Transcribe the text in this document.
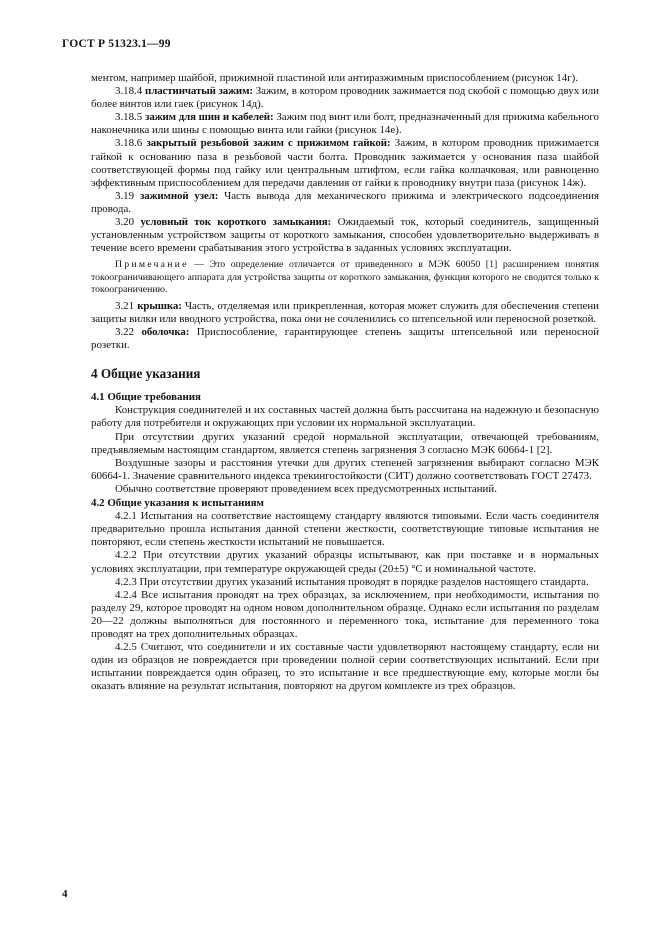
ГОСТ Р 51323.1—99

ментом, например шайбой, прижимной пластиной или антиразжимным приспособлением (рисунок 14г).

3.18.4 пластинчатый зажим: Зажим, в котором проводник зажимается под скобой с помощью двух или более винтов или гаек (рисунок 14д).

3.18.5 зажим для шин и кабелей: Зажим под винт или болт, предназначенный для прижима кабельного наконечника или шины с помощью винта или гайки (рисунок 14е).

3.18.6 закрытый резьбовой зажим с прижимом гайкой: Зажим, в котором проводник прижимается гайкой к основанию паза в резьбовой части болта. Проводник зажимается у основания паза шайбой соответствующей формы под гайку или центральным штифтом, если гайка колпачковая, или равноценно эффективным приспособлением для передачи давления от гайки к проводнику внутри паза (рисунок 14ж).

3.19 зажимной узел: Часть вывода для механического прижима и электрического подсоединения провода.

3.20 условный ток короткого замыкания: Ожидаемый ток, который соединитель, защищенный установленным устройством защиты от короткого замыкания, способен удовлетворительно выдерживать в течение всего времени срабатывания этого устройства в заданных условиях эксплуатации.

Примечание — Это определение отличается от приведенного в МЭК 60050 [1] расширением понятия токоограничивающего аппарата для устройства защиты от короткого замыкания, функция которого не сводится только к токоограничению.

3.21 крышка: Часть, отделяемая или прикрепленная, которая может служить для обеспечения степени защиты вилки или вводного устройства, пока они не сочленились со штепсельной или переносной розеткой.

3.22 оболочка: Приспособление, гарантирующее степень защиты штепсельной или переносной розетки.

4 Общие указания
4.1 Общие требования

Конструкция соединителей и их составных частей должна быть рассчитана на надежную и безопасную работу для потребителя и окружающих при условии их нормальной эксплуатации.

При отсутствии других указаний средой нормальной эксплуатации, отвечающей требованиям, предъявляемым настоящим стандартом, является степень загрязнения 3 согласно МЭК 60664-1 [2].

Воздушные зазоры и расстояния утечки для других степеней загрязнения выбирают согласно МЭК 60664-1. Значение сравнительного индекса трекингостойкости (СИТ) должно соответствовать ГОСТ 27473.

Обычно соответствие проверяют проведением всех предусмотренных испытаний.

4.2 Общие указания к испытаниям

4.2.1 Испытания на соответствие настоящему стандарту являются типовыми. Если часть соединителя предварительно прошла испытания данной степени жесткости, соответствующие типовые испытания не повторяют, если степень жесткости испытаний не повышается.

4.2.2 При отсутствии других указаний образцы испытывают, как при поставке и в нормальных условиях эксплуатации, при температуре окружающей среды (20±5) °С и номинальной частоте.

4.2.3 При отсутствии других указаний испытания проводят в порядке разделов настоящего стандарта.

4.2.4 Все испытания проводят на трех образцах, за исключением, при необходимости, испытания по разделу 29, которое проводят на одном новом дополнительном образце. Однако если испытания по разделам 20—22 должны выполняться для постоянного и переменного тока, испытание для переменного тока проводят на трех дополнительных образцах.

4.2.5 Считают, что соединители и их составные части удовлетворяют настоящему стандарту, если ни один из образцов не повреждается при проведении полной серии соответствующих испытаний. Если при испытании повреждается один образец, то это испытание и все предшествующие ему, которые могли бы оказать влияние на результат испытания, повторяют на другом комплекте из трех образцов.

4
